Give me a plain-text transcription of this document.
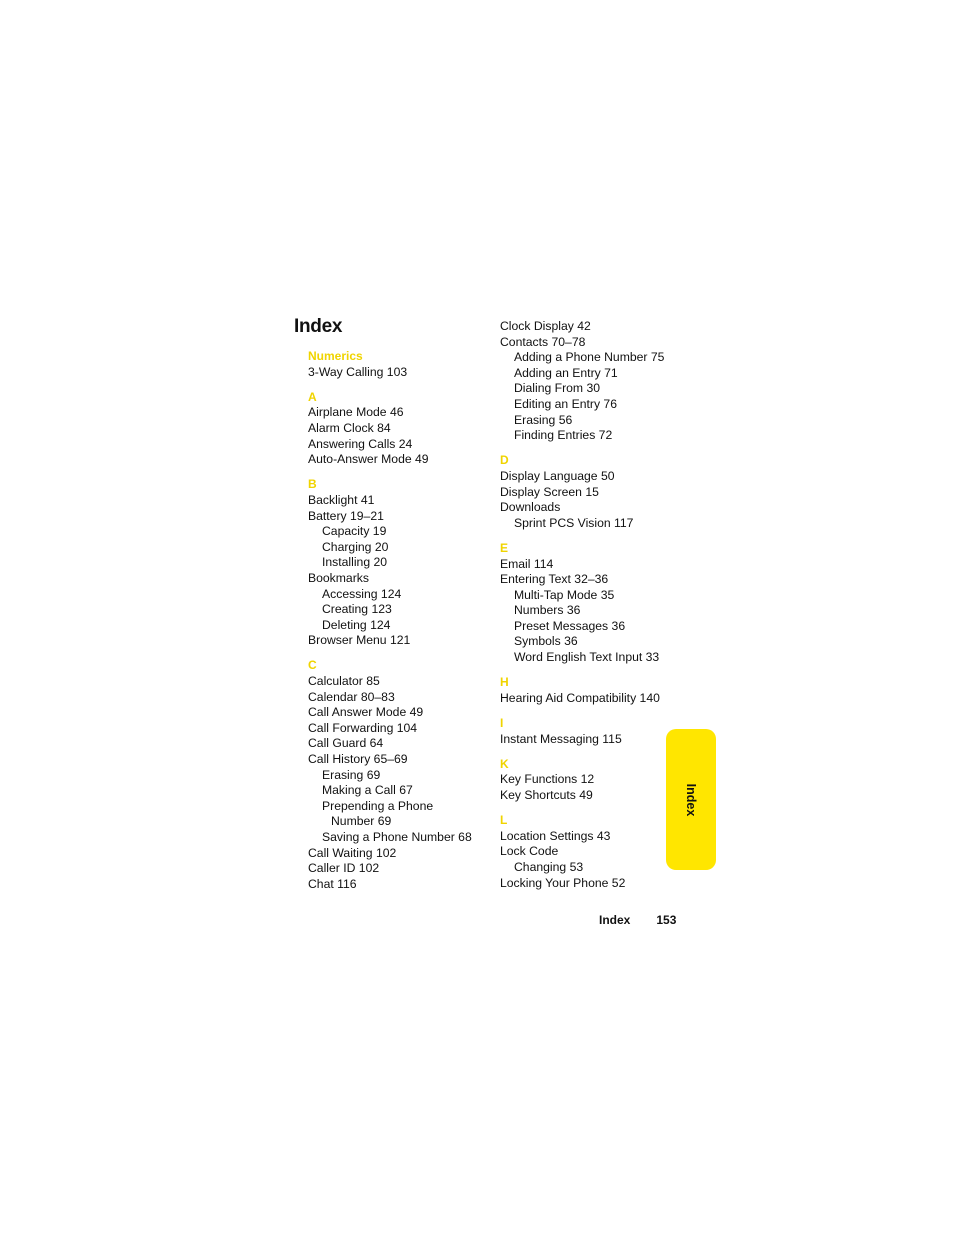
Index
Numerics
3-Way Calling 103
A
Airplane Mode 46
Alarm Clock 84
Answering Calls 24
Auto-Answer Mode 49
B
Backlight 41
Battery 19–21
Capacity 19
Charging 20
Installing 20
Bookmarks
Accessing 124
Creating 123
Deleting 124
Browser Menu 121
C
Calculator 85
Calendar 80–83
Call Answer Mode 49
Call Forwarding 104
Call Guard 64
Call History 65–69
Erasing 69
Making a Call 67
Prepending a Phone
Number 69
Saving a Phone Number 68
Call Waiting 102
Caller ID 102
Chat 116
Clock Display 42
Contacts 70–78
Adding a Phone Number 75
Adding an Entry 71
Dialing From 30
Editing an Entry 76
Erasing 56
Finding Entries 72
D
Display Language 50
Display Screen 15
Downloads
Sprint PCS Vision 117
E
Email 114
Entering Text 32–36
Multi-Tap Mode 35
Numbers 36
Preset Messages 36
Symbols 36
Word English Text Input 33
H
Hearing Aid Compatibility 140
I
Instant Messaging 115
K
Key Functions 12
Key Shortcuts 49
L
Location Settings 43
Lock Code
Changing 53
Locking Your Phone 52
Index
Index 153
